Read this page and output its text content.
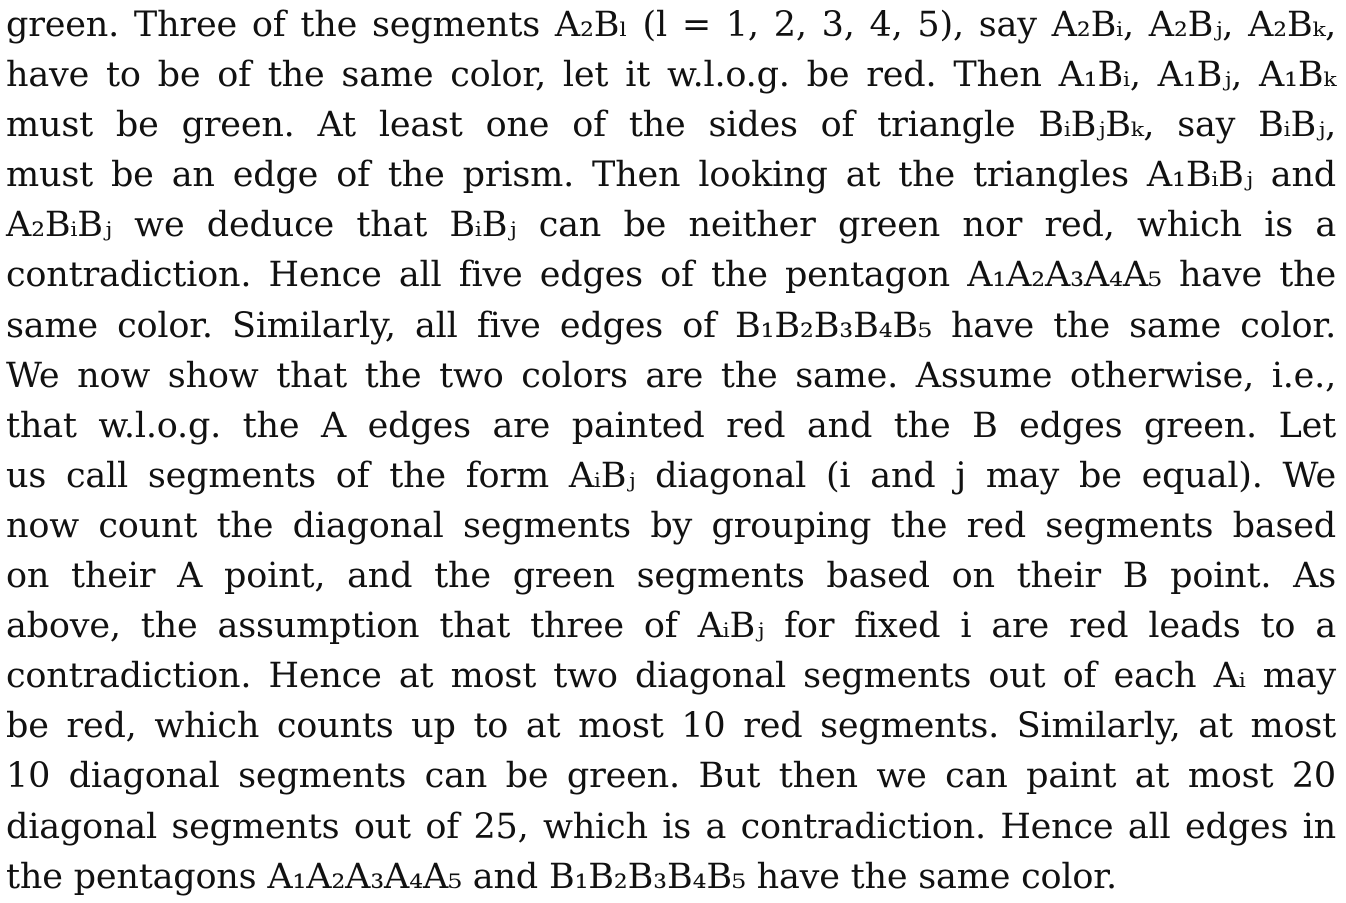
green. Three of the segments A₂Bₗ (l = 1, 2, 3, 4, 5), say A₂Bᵢ, A₂Bⱼ, A₂Bₖ,
have to be of the same color, let it w.l.o.g. be red. Then A₁Bᵢ, A₁Bⱼ, A₁Bₖ
must be green. At least one of the sides of triangle BᵢBⱼBₖ, say BᵢBⱼ,
must be an edge of the prism. Then looking at the triangles A₁BᵢBⱼ and
A₂BᵢBⱼ we deduce that BᵢBⱼ can be neither green nor red, which is a
contradiction. Hence all five edges of the pentagon A₁A₂A₃A₄A₅ have the
same color. Similarly, all five edges of B₁B₂B₃B₄B₅ have the same color.
We now show that the two colors are the same. Assume otherwise, i.e.,
that w.l.o.g. the A edges are painted red and the B edges green. Let
us call segments of the form AᵢBⱼ diagonal (i and j may be equal). We
now count the diagonal segments by grouping the red segments based
on their A point, and the green segments based on their B point. As
above, the assumption that three of AᵢBⱼ for fixed i are red leads to a
contradiction. Hence at most two diagonal segments out of each Aᵢ may
be red, which counts up to at most 10 red segments. Similarly, at most
10 diagonal segments can be green. But then we can paint at most 20
diagonal segments out of 25, which is a contradiction. Hence all edges in
the pentagons A₁A₂A₃A₄A₅ and B₁B₂B₃B₄B₅ have the same color.
